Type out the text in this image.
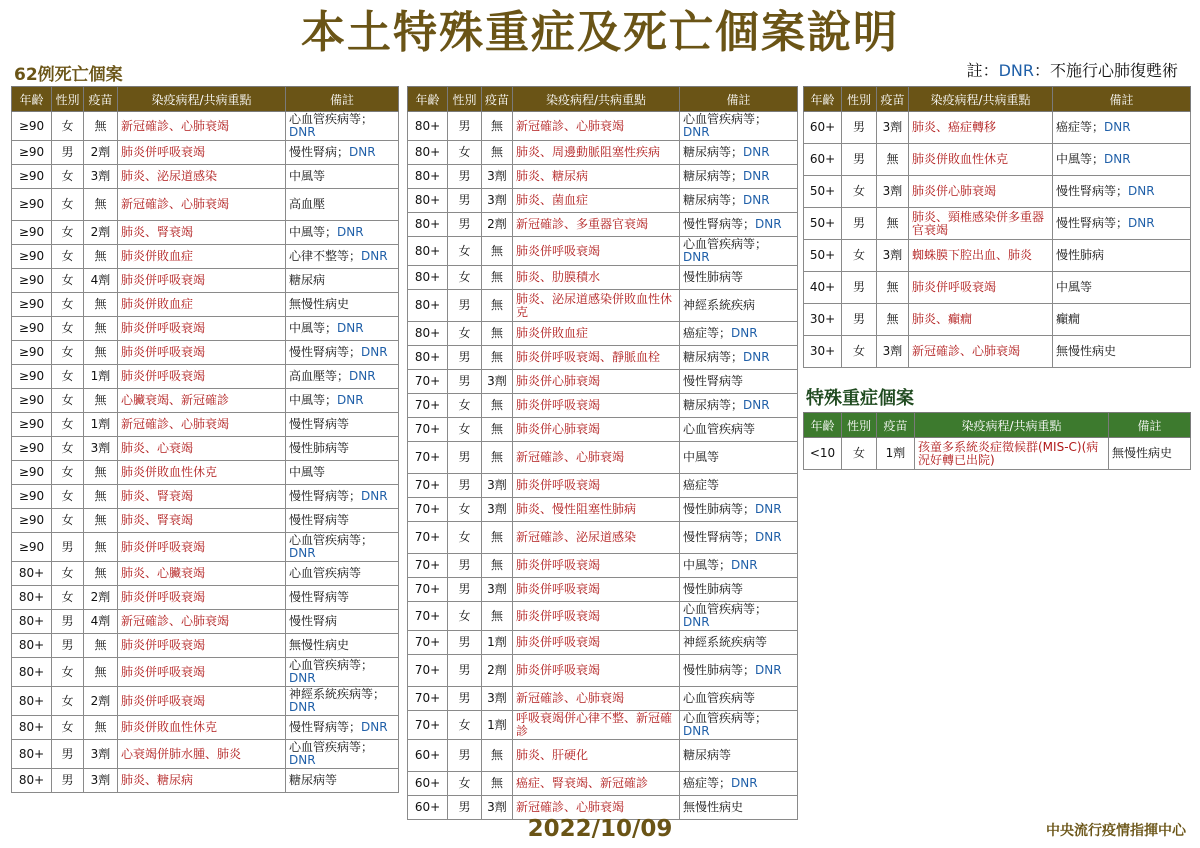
本土特殊重症及死亡個案說明
註：DNR：不施行心肺復甦術
62例死亡個案
年齡	性別	疫苗	染疫病程/共病重點	備註
≥90	女	無	新冠確診、心肺衰竭	心血管疾病等；
DNR
≥90	男	2劑	肺炎併呼吸衰竭	慢性腎病；DNR
≥90	女	3劑	肺炎、泌尿道感染	中風等
≥90	女	無	新冠確診、心肺衰竭	高血壓
≥90	女	2劑	肺炎、腎衰竭	中風等；DNR
≥90	女	無	肺炎併敗血症	心律不整等；DNR
≥90	女	4劑	肺炎併呼吸衰竭	糖尿病
≥90	女	無	肺炎併敗血症	無慢性病史
≥90	女	無	肺炎併呼吸衰竭	中風等；DNR
≥90	女	無	肺炎併呼吸衰竭	慢性腎病等；DNR
≥90	女	1劑	肺炎併呼吸衰竭	高血壓等；DNR
≥90	女	無	心臟衰竭、新冠確診	中風等；DNR
≥90	女	1劑	新冠確診、心肺衰竭	慢性腎病等
≥90	女	3劑	肺炎、心衰竭	慢性肺病等
≥90	女	無	肺炎併敗血性休克	中風等
≥90	女	無	肺炎、腎衰竭	慢性腎病等；DNR
≥90	女	無	肺炎、腎衰竭	慢性腎病等
≥90	男	無	肺炎併呼吸衰竭	心血管疾病等；
DNR
80+	女	無	肺炎、心臟衰竭	心血管疾病等
80+	女	2劑	肺炎併呼吸衰竭	慢性腎病等
80+	男	4劑	新冠確診、心肺衰竭	慢性腎病
80+	男	無	肺炎併呼吸衰竭	無慢性病史
80+	女	無	肺炎併呼吸衰竭	心血管疾病等；
DNR
80+	女	2劑	肺炎併呼吸衰竭	神經系統疾病等；
DNR
80+	女	無	肺炎併敗血性休克	慢性腎病等；DNR
80+	男	3劑	心衰竭併肺水腫、肺炎	心血管疾病等；
DNR
80+	男	3劑	肺炎、糖尿病	糖尿病等
年齡	性別	疫苗	染疫病程/共病重點	備註
80+	男	無	新冠確診、心肺衰竭	心血管疾病等；
DNR
80+	女	無	肺炎、周邊動脈阻塞性疾病	糖尿病等；DNR
80+	男	3劑	肺炎、糖尿病	糖尿病等；DNR
80+	男	3劑	肺炎、菌血症	糖尿病等；DNR
80+	男	2劑	新冠確診、多重器官衰竭	慢性腎病等；DNR
80+	女	無	肺炎併呼吸衰竭	心血管疾病等；
DNR
80+	女	無	肺炎、肋膜積水	慢性肺病等
80+	男	無	肺炎、泌尿道感染併敗血性休克	神經系統疾病
80+	女	無	肺炎併敗血症	癌症等；DNR
80+	男	無	肺炎併呼吸衰竭、靜脈血栓	糖尿病等；DNR
70+	男	3劑	肺炎併心肺衰竭	慢性腎病等
70+	女	無	肺炎併呼吸衰竭	糖尿病等；DNR
70+	女	無	肺炎併心肺衰竭	心血管疾病等
70+	男	無	新冠確診、心肺衰竭	中風等
70+	男	3劑	肺炎併呼吸衰竭	癌症等
70+	女	3劑	肺炎、慢性阻塞性肺病	慢性肺病等；DNR
70+	女	無	新冠確診、泌尿道感染	慢性腎病等；DNR
70+	男	無	肺炎併呼吸衰竭	中風等；DNR
70+	男	3劑	肺炎併呼吸衰竭	慢性肺病等
70+	女	無	肺炎併呼吸衰竭	心血管疾病等；
DNR
70+	男	1劑	肺炎併呼吸衰竭	神經系統疾病等
70+	男	2劑	肺炎併呼吸衰竭	慢性肺病等；DNR
70+	男	3劑	新冠確診、心肺衰竭	心血管疾病等
70+	女	1劑	呼吸衰竭併心律不整、新冠確診	心血管疾病等；
DNR
60+	男	無	肺炎、肝硬化	糖尿病等
60+	女	無	癌症、腎衰竭、新冠確診	癌症等；DNR
60+	男	3劑	新冠確診、心肺衰竭	無慢性病史
年齡	性別	疫苗	染疫病程/共病重點	備註
60+	男	3劑	肺炎、癌症轉移	癌症等；DNR
60+	男	無	肺炎併敗血性休克	中風等；DNR
50+	女	3劑	肺炎併心肺衰竭	慢性腎病等；DNR
50+	男	無	肺炎、頸椎感染併多重器官衰竭	慢性腎病等；DNR
50+	女	3劑	蜘蛛膜下腔出血、肺炎	慢性肺病
40+	男	無	肺炎併呼吸衰竭	中風等
30+	男	無	肺炎、癲癇	癲癇
30+	女	3劑	新冠確診、心肺衰竭	無慢性病史
特殊重症個案
年齡	性別	疫苗	染疫病程/共病重點	備註
<10	女	1劑	孩童多系統炎症徵候群(MIS-C)(病況好轉已出院)	無慢性病史
2022/10/09	中央流行疫情指揮中心
